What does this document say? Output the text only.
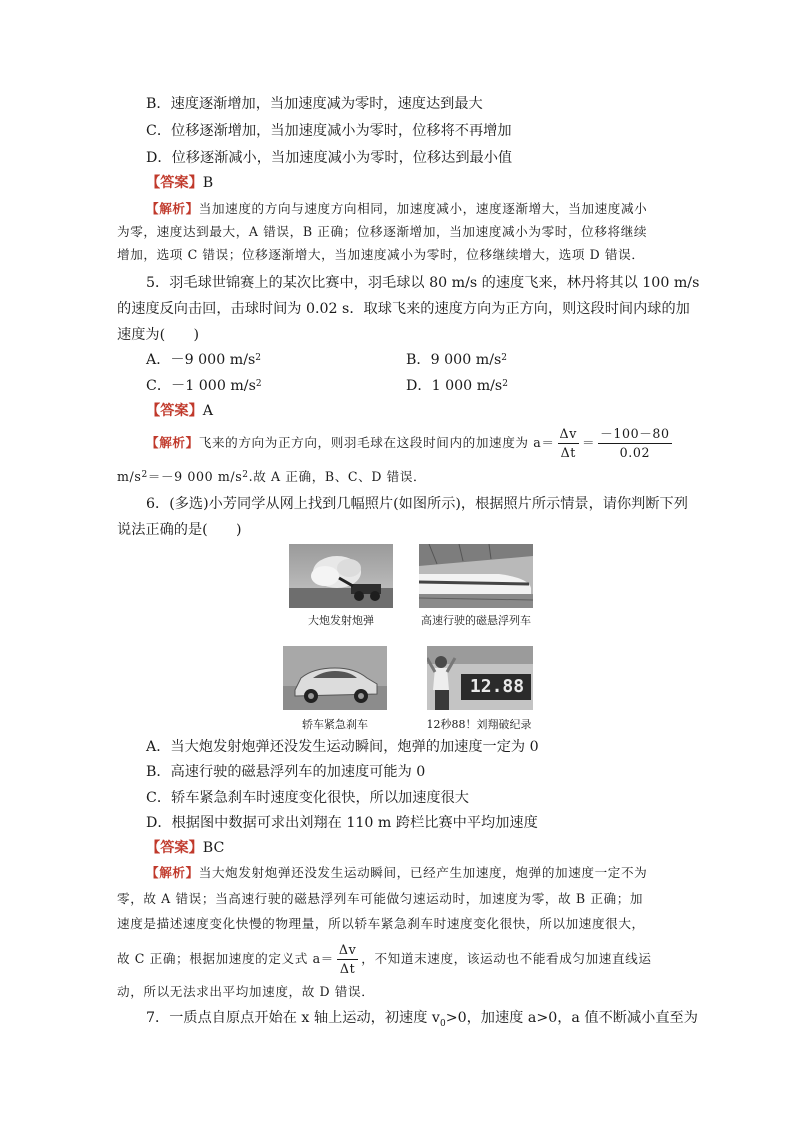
B．速度逐渐增加，当加速度减为零时，速度达到最大
C．位移逐渐增加，当加速度减小为零时，位移将不再增加
D．位移逐渐减小，当加速度减小为零时，位移达到最小值
【答案】B
【解析】当加速度的方向与速度方向相同，加速度减小，速度逐渐增大，当加速度减小
为零，速度达到最大，A 错误，B 正确；位移逐渐增加，当加速度减小为零时，位移将继续
增加，选项 C 错误；位移逐渐增大，当加速度减小为零时，位移继续增大，选项 D 错误．
5．羽毛球世锦赛上的某次比赛中，羽毛球以 80 m/s 的速度飞来，林丹将其以 100 m/s
的速度反向击回，击球时间为 0.02 s．取球飞来的速度方向为正方向，则这段时间内球的加
速度为(　　)
A．－9 000 $m/s^2$	B．9 000 $m/s^2$
C．－1 000 $m/s^2$	D．1 000 $m/s^2$
【答案】A
【解析】飞来的方向为正方向，则羽毛球在这段时间内的加速度为 $a= \frac{\Delta v}{\Delta t} = \frac{-100-80}{0.02}$
$m/s^2=-9$ 000 $m/s^2$.故 A 正确，B、C、D 错误．
6．(多选)小芳同学从网上找到几幅照片(如图所示)，根据照片所示情景，请你判断下列
说法正确的是(　　)
大炮发射炮弹	高速行驶的磁悬浮列车
轿车紧急刹车
12.88
12秒88！刘翔破纪录
A．当大炮发射炮弹还没发生运动瞬间，炮弹的加速度一定为 0
B．高速行驶的磁悬浮列车的加速度可能为 0
C．轿车紧急刹车时速度变化很快，所以加速度很大
D．根据图中数据可求出刘翔在 110 m 跨栏比赛中平均加速度
【答案】BC
【解析】当大炮发射炮弹还没发生运动瞬间，已经产生加速度，炮弹的加速度一定不为
零，故 A 错误；当高速行驶的磁悬浮列车可能做匀速运动时，加速度为零，故 B 正确；加
速度是描述速度变化快慢的物理量，所以轿车紧急刹车时速度变化很快，所以加速度很大，
故 C 正确；根据加速度的定义式 $a= \frac{\Delta v}{\Delta t}$ ，不知道末速度，该运动也不能看成匀加速直线运
动，所以无法求出平均加速度，故 D 错误．
7．一质点自原点开始在 x 轴上运动，初速度 $v_0>0$，加速度 a>0，a 值不断减小直至为
